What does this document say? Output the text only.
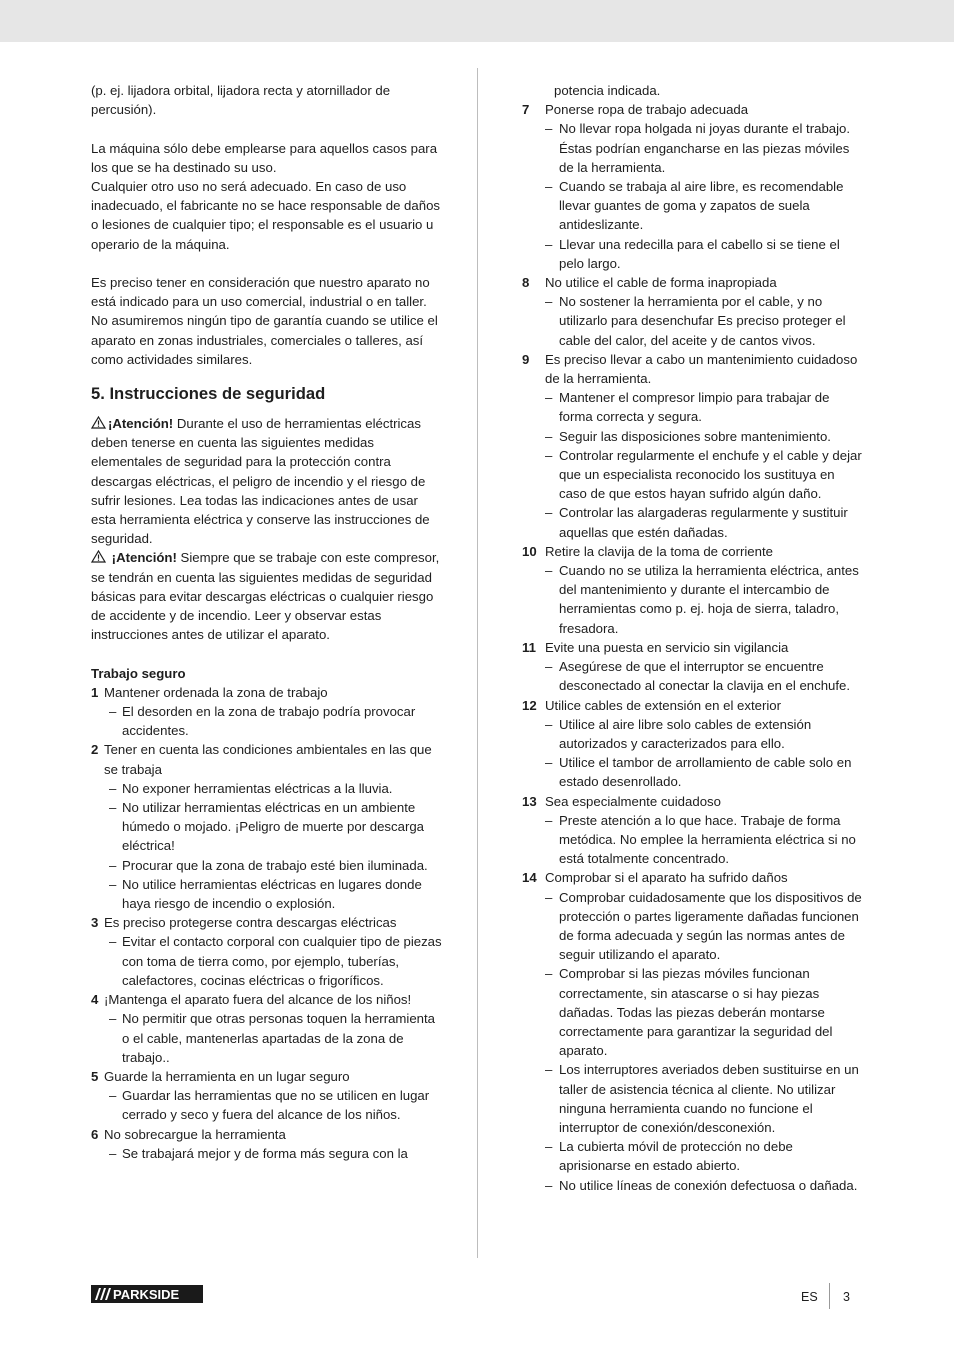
(p. ej. lijadora orbital, lijadora recta y atornillador de percusión).

La máquina sólo debe emplearse para aquellos casos para los que se ha destinado su uso.

Cualquier otro uso no será adecuado. En caso de uso inadecuado, el fabricante no se hace responsable de daños o lesiones de cualquier tipo; el responsable es el usuario u operario de la máquina.

Es preciso tener en consideración que nuestro aparato no está indicado para un uso comercial, industrial o en taller. No asumiremos ningún tipo de garantía cuando se utilice el aparato en zonas industriales, comerciales o talleres, así como actividades similares.

5. Instrucciones de seguridad

¡Atención! Durante el uso de herramientas eléctricas deben tenerse en cuenta las siguientes medidas elementales de seguridad para la protección contra descargas eléctricas, el peligro de incendio y el riesgo de sufrir lesiones. Lea todas las indicaciones antes de usar esta herramienta eléctrica y conserve las instrucciones de seguridad.

¡Atención! Siempre que se trabaje con este compresor, se tendrán en cuenta las siguientes medidas de seguridad básicas para evitar descargas eléctricas o cualquier riesgo de accidente y de incendio. Leer y observar estas instrucciones antes de utilizar el aparato.

Trabajo seguro

1 Mantener ordenada la zona de trabajo
– El desorden en la zona de trabajo podría provocar accidentes.
2 Tener en cuenta las condiciones ambientales en las que se trabaja
– No exponer herramientas eléctricas a la lluvia.
– No utilizar herramientas eléctricas en un ambiente húmedo o mojado. ¡Peligro de muerte por descarga eléctrica!
– Procurar que la zona de trabajo esté bien iluminada.
– No utilice herramientas eléctricas en lugares donde haya riesgo de incendio o explosión.
3 Es preciso protegerse contra descargas eléctricas
– Evitar el contacto corporal con cualquier tipo de piezas con toma de tierra como, por ejemplo, tuberías, calefactores, cocinas eléctricas o frigoríficos.
4 ¡Mantenga el aparato fuera del alcance de los niños!
– No permitir que otras personas toquen la herramienta o el cable, mantenerlas apartadas de la zona de trabajo..
5 Guarde la herramienta en un lugar seguro
– Guardar las herramientas que no se utilicen en lugar cerrado y seco y fuera del alcance de los niños.
6 No sobrecargue la herramienta
– Se trabajará mejor y de forma más segura con la

potencia indicada.

7 Ponerse ropa de trabajo adecuada
– No llevar ropa holgada ni joyas durante el trabajo. Éstas podrían engancharse en las piezas móviles de la herramienta.
– Cuando se trabaja al aire libre, es recomendable llevar guantes de goma y zapatos de suela antideslizante.
– Llevar una redecilla para el cabello si se tiene el pelo largo.
8 No utilice el cable de forma inapropiada
– No sostener la herramienta por el cable, y no utilizarlo para desenchufar Es preciso proteger el cable del calor, del aceite y de cantos vivos.
9 Es preciso llevar a cabo un mantenimiento cuidadoso de la herramienta.
– Mantener el compresor limpio para trabajar de forma correcta y segura.
– Seguir las disposiciones sobre mantenimiento.
– Controlar regularmente el enchufe y el cable y dejar que un especialista reconocido los sustituya en caso de que estos hayan sufrido algún daño.
– Controlar las alargaderas regularmente y sustituir aquellas que estén dañadas.
10 Retire la clavija de la toma de corriente
– Cuando no se utiliza la herramienta eléctrica, antes del mantenimiento y durante el intercambio de herramientas como p. ej. hoja de sierra, taladro, fresadora.
11 Evite una puesta en servicio sin vigilancia
– Asegúrese de que el interruptor se encuentre desconectado al conectar la clavija en el enchufe.
12 Utilice cables de extensión en el exterior
– Utilice al aire libre solo cables de extensión autorizados y caracterizados para ello.
– Utilice el tambor de arrollamiento de cable solo en estado desenrollado.
13 Sea especialmente cuidadoso
– Preste atención a lo que hace. Trabaje de forma metódica. No emplee la herramienta eléctrica si no está totalmente concentrado.
14 Comprobar si el aparato ha sufrido daños
– Comprobar cuidadosamente que los dispositivos de protección o partes ligeramente dañadas funcionen de forma adecuada y según las normas antes de seguir utilizando el aparato.
– Comprobar si las piezas móviles funcionan correctamente, sin atascarse o si hay piezas dañadas. Todas las piezas deberán montarse correctamente para garantizar la seguridad del aparato.
– Los interruptores averiados deben sustituirse en un taller de asistencia técnica al cliente. No utilizar ninguna herramienta cuando no funcione el interruptor de conexión/desconexión.
– La cubierta móvil de protección no debe aprisionarse en estado abierto.
– No utilice líneas de conexión defectuosa o dañada.
PARKSIDE	ES 3
